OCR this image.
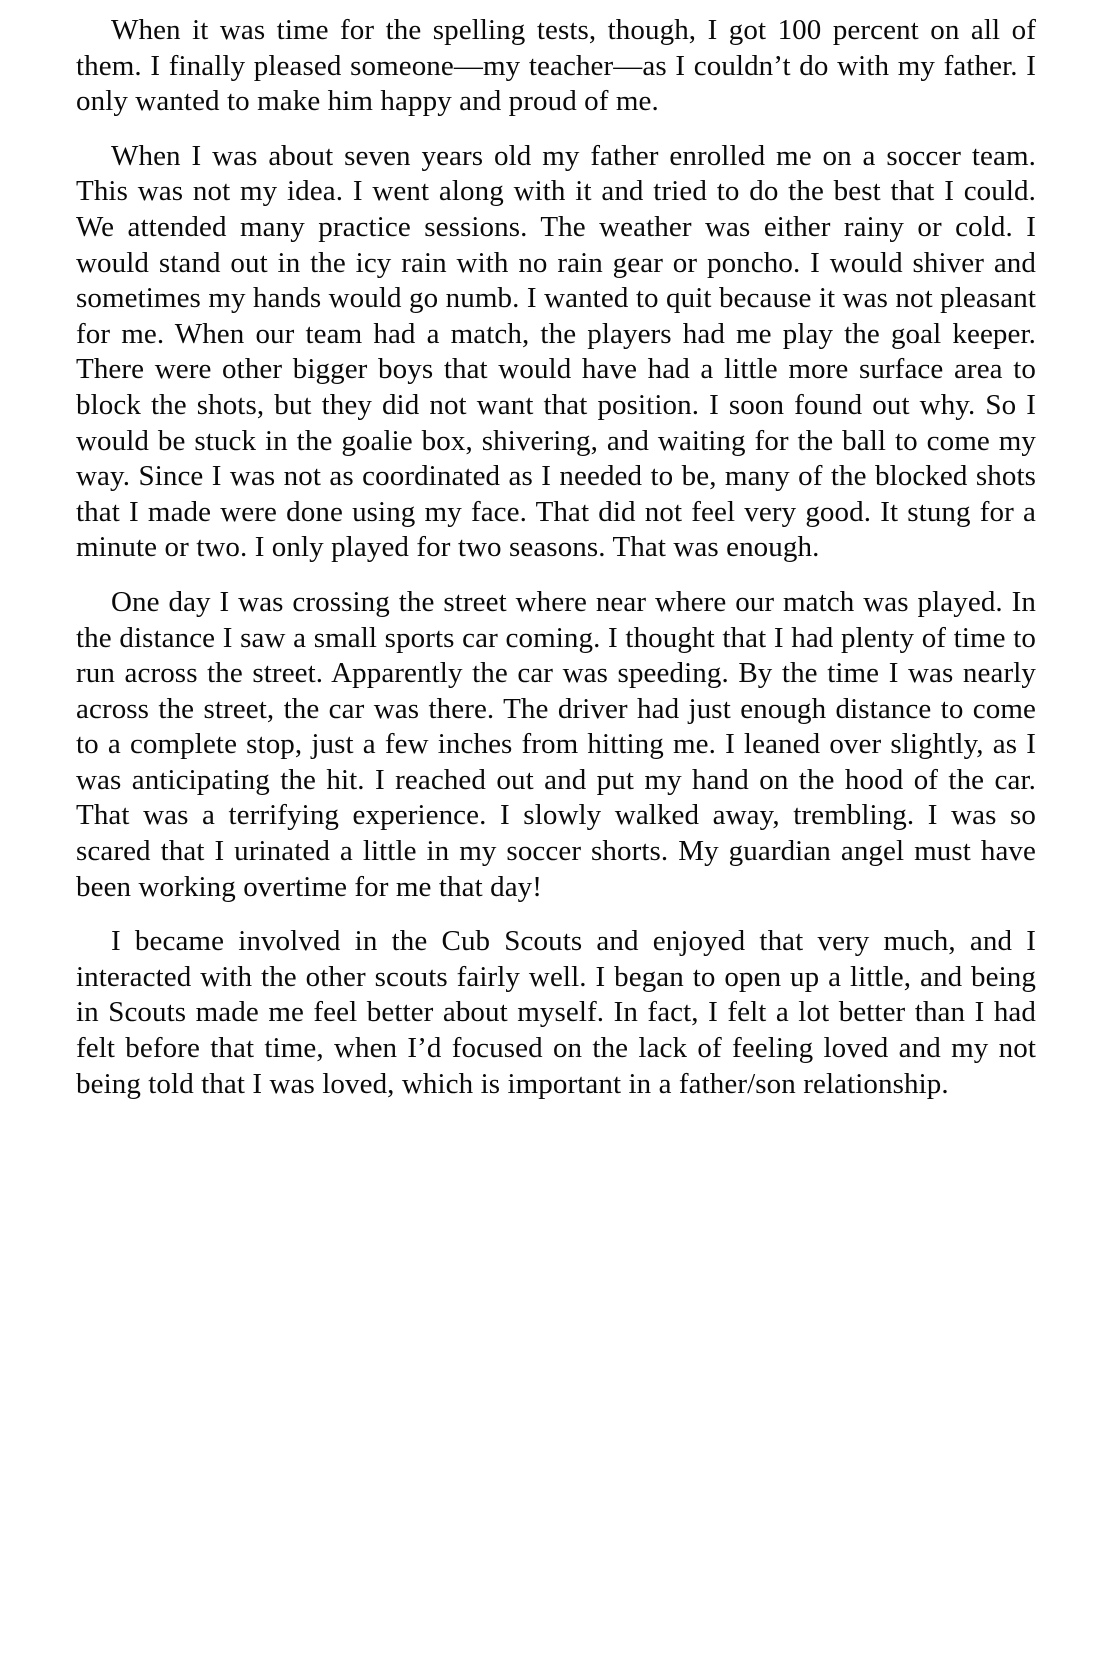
When it was time for the spelling tests, though, I got 100 percent on all of them. I finally pleased someone—my teacher—as I couldn’t do with my father. I only wanted to make him happy and proud of me.

When I was about seven years old my father enrolled me on a soccer team. This was not my idea. I went along with it and tried to do the best that I could. We attended many practice sessions. The weather was either rainy or cold. I would stand out in the icy rain with no rain gear or poncho. I would shiver and sometimes my hands would go numb. I wanted to quit because it was not pleasant for me. When our team had a match, the players had me play the goal keeper. There were other bigger boys that would have had a little more surface area to block the shots, but they did not want that position. I soon found out why. So I would be stuck in the goalie box, shivering, and waiting for the ball to come my way. Since I was not as coordinated as I needed to be, many of the blocked shots that I made were done using my face. That did not feel very good. It stung for a minute or two. I only played for two seasons. That was enough.

One day I was crossing the street where near where our match was played. In the distance I saw a small sports car coming. I thought that I had plenty of time to run across the street. Apparently the car was speeding. By the time I was nearly across the street, the car was there. The driver had just enough distance to come to a complete stop, just a few inches from hitting me. I leaned over slightly, as I was anticipating the hit. I reached out and put my hand on the hood of the car. That was a terrifying experience. I slowly walked away, trembling. I was so scared that I urinated a little in my soccer shorts. My guardian angel must have been working overtime for me that day!

I became involved in the Cub Scouts and enjoyed that very much, and I interacted with the other scouts fairly well. I began to open up a little, and being in Scouts made me feel better about myself. In fact, I felt a lot better than I had felt before that time, when I’d focused on the lack of feeling loved and my not being told that I was loved, which is important in a father/son relationship.
